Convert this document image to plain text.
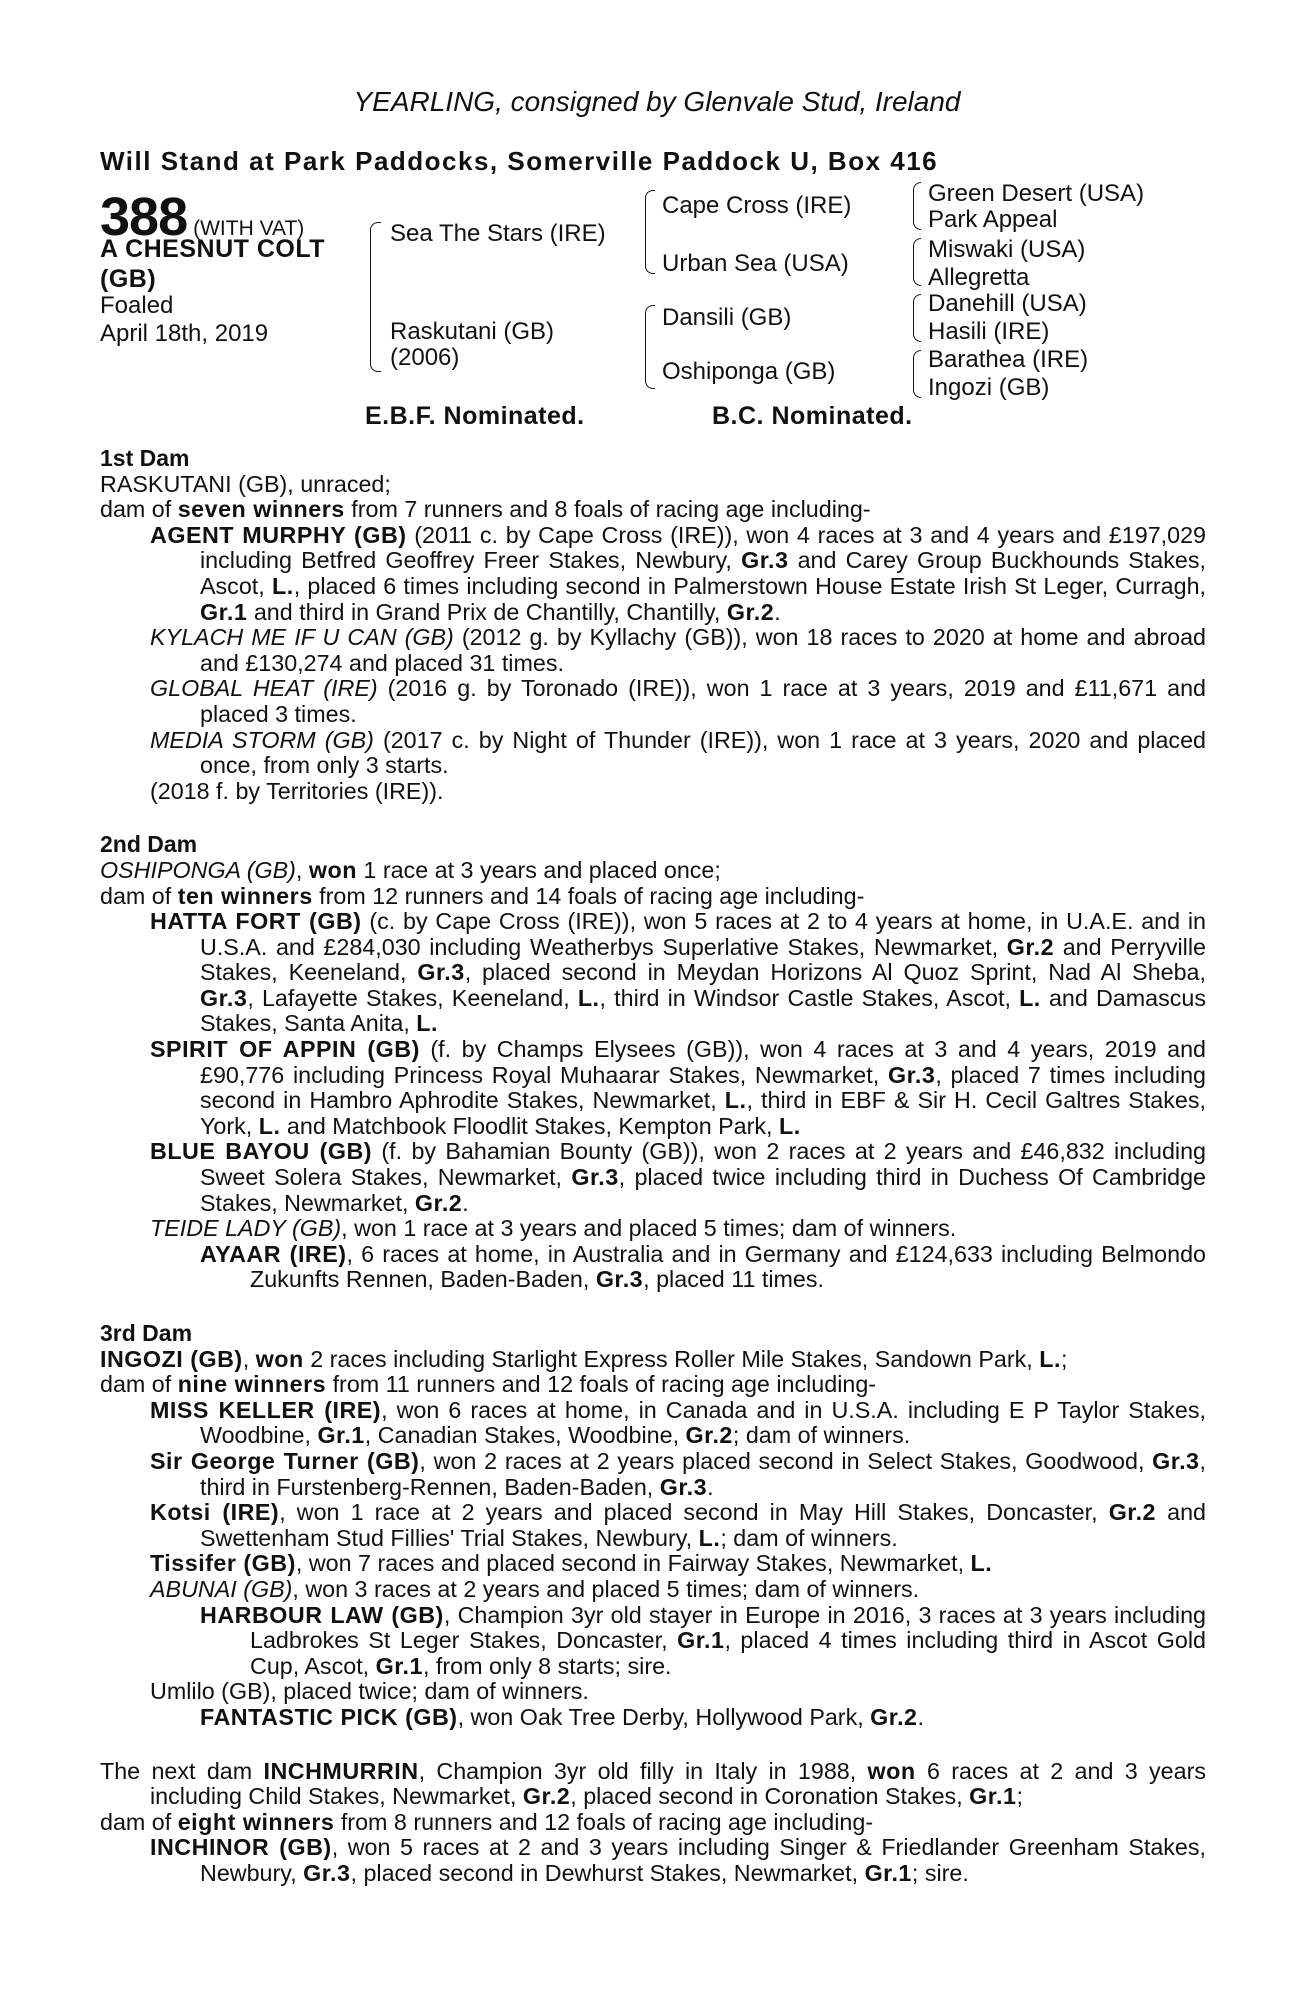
YEARLING, consigned by Glenvale Stud, Ireland
Will Stand at Park Paddocks, Somerville Paddock U, Box 416
388 (WITH VAT)
A CHESNUT COLT
(GB)
Foaled
April 18th, 2019
Sea The Stars (IRE)
Raskutani (GB)
(2006)
Cape Cross (IRE)
Urban Sea (USA)
Dansili (GB)
Oshiponga (GB)
Green Desert (USA)
Park Appeal
Miswaki (USA)
Allegretta
Danehill (USA)
Hasili (IRE)
Barathea (IRE)
Ingozi (GB)
E.B.F. Nominated.	B.C. Nominated.
1st Dam

RASKUTANI (GB), unraced;

dam of seven winners from 7 runners and 8 foals of racing age including-

AGENT MURPHY (GB) (2011 c. by Cape Cross (IRE)), won 4 races at 3 and 4 years and £197,029 including Betfred Geoffrey Freer Stakes, Newbury, Gr.3 and Carey Group Buckhounds Stakes, Ascot, L., placed 6 times including second in Palmerstown House Estate Irish St Leger, Curragh, Gr.1 and third in Grand Prix de Chantilly, Chantilly, Gr.2.

KYLACH ME IF U CAN (GB) (2012 g. by Kyllachy (GB)), won 18 races to 2020 at home and abroad and £130,274 and placed 31 times.

GLOBAL HEAT (IRE) (2016 g. by Toronado (IRE)), won 1 race at 3 years, 2019 and £11,671 and placed 3 times.

MEDIA STORM (GB) (2017 c. by Night of Thunder (IRE)), won 1 race at 3 years, 2020 and placed once, from only 3 starts.

(2018 f. by Territories (IRE)).

2nd Dam

OSHIPONGA (GB), won 1 race at 3 years and placed once;

dam of ten winners from 12 runners and 14 foals of racing age including-

HATTA FORT (GB) (c. by Cape Cross (IRE)), won 5 races at 2 to 4 years at home, in U.A.E. and in U.S.A. and £284,030 including Weatherbys Superlative Stakes, Newmarket, Gr.2 and Perryville Stakes, Keeneland, Gr.3, placed second in Meydan Horizons Al Quoz Sprint, Nad Al Sheba, Gr.3, Lafayette Stakes, Keeneland, L., third in Windsor Castle Stakes, Ascot, L. and Damascus Stakes, Santa Anita, L.

SPIRIT OF APPIN (GB) (f. by Champs Elysees (GB)), won 4 races at 3 and 4 years, 2019 and £90,776 including Princess Royal Muhaarar Stakes, Newmarket, Gr.3, placed 7 times including second in Hambro Aphrodite Stakes, Newmarket, L., third in EBF & Sir H. Cecil Galtres Stakes, York, L. and Matchbook Floodlit Stakes, Kempton Park, L.

BLUE BAYOU (GB) (f. by Bahamian Bounty (GB)), won 2 races at 2 years and £46,832 including Sweet Solera Stakes, Newmarket, Gr.3, placed twice including third in Duchess Of Cambridge Stakes, Newmarket, Gr.2.

TEIDE LADY (GB), won 1 race at 3 years and placed 5 times; dam of winners.

AYAAR (IRE), 6 races at home, in Australia and in Germany and £124,633 including Belmondo Zukunfts Rennen, Baden-Baden, Gr.3, placed 11 times.

3rd Dam

INGOZI (GB), won 2 races including Starlight Express Roller Mile Stakes, Sandown Park, L.;

dam of nine winners from 11 runners and 12 foals of racing age including-

MISS KELLER (IRE), won 6 races at home, in Canada and in U.S.A. including E P Taylor Stakes, Woodbine, Gr.1, Canadian Stakes, Woodbine, Gr.2; dam of winners.

Sir George Turner (GB), won 2 races at 2 years placed second in Select Stakes, Goodwood, Gr.3, third in Furstenberg-Rennen, Baden-Baden, Gr.3.

Kotsi (IRE), won 1 race at 2 years and placed second in May Hill Stakes, Doncaster, Gr.2 and Swettenham Stud Fillies' Trial Stakes, Newbury, L.; dam of winners.

Tissifer (GB), won 7 races and placed second in Fairway Stakes, Newmarket, L.

ABUNAI (GB), won 3 races at 2 years and placed 5 times; dam of winners.

HARBOUR LAW (GB), Champion 3yr old stayer in Europe in 2016, 3 races at 3 years including Ladbrokes St Leger Stakes, Doncaster, Gr.1, placed 4 times including third in Ascot Gold Cup, Ascot, Gr.1, from only 8 starts; sire.

Umlilo (GB), placed twice; dam of winners.

FANTASTIC PICK (GB), won Oak Tree Derby, Hollywood Park, Gr.2.

The next dam INCHMURRIN, Champion 3yr old filly in Italy in 1988, won 6 races at 2 and 3 years including Child Stakes, Newmarket, Gr.2, placed second in Coronation Stakes, Gr.1;

dam of eight winners from 8 runners and 12 foals of racing age including-

INCHINOR (GB), won 5 races at 2 and 3 years including Singer & Friedlander Greenham Stakes, Newbury, Gr.3, placed second in Dewhurst Stakes, Newmarket, Gr.1; sire.
